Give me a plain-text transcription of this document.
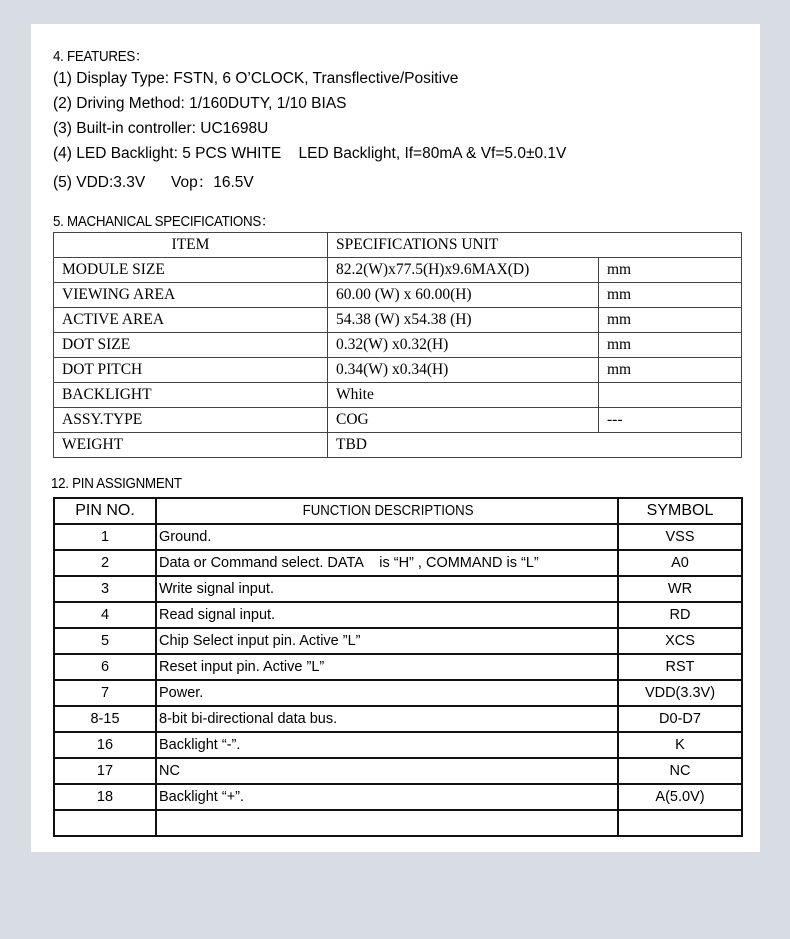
4. FEATURES：
(1) Display Type: FSTN, 6 O’CLOCK, Transflective/Positive
(2) Driving Method: 1/160DUTY, 1/10 BIAS
(3) Built-in controller: UC1698U
(4) LED Backlight: 5 PCS WHITE    LED Backlight, If=80mA & Vf=5.0±0.1V
(5) VDD:3.3V      Vop：16.5V
5. MACHANICAL SPECIFICATIONS：
ITEM	SPECIFICATIONS UNIT	
MODULE SIZE	82.2(W)x77.5(H)x9.6MAX(D)	mm
VIEWING AREA	60.00 (W) x 60.00(H)	mm
ACTIVE AREA	54.38 (W) x54.38 (H)	mm
DOT SIZE	0.32(W) x0.32(H)	mm
DOT PITCH	0.34(W) x0.34(H)	mm
BACKLIGHT	White	
ASSY.TYPE	COG	---
WEIGHT	TBD	
12. PIN ASSIGNMENT
PIN NO.	FUNCTION DESCRIPTIONS	SYMBOL
1	Ground.	VSS
2	Data or Command select. DATA    is “H” , COMMAND is “L”	A0
3	Write signal input.	WR
4	Read signal input.	RD
5	Chip Select input pin. Active ”L”	XCS
6	Reset input pin. Active ”L”	RST
7	Power.	VDD(3.3V)
8-15	8-bit bi-directional data bus.	D0-D7
16	Backlight “-”.	K
17	NC	NC
18	Backlight “+”.	A(5.0V)
